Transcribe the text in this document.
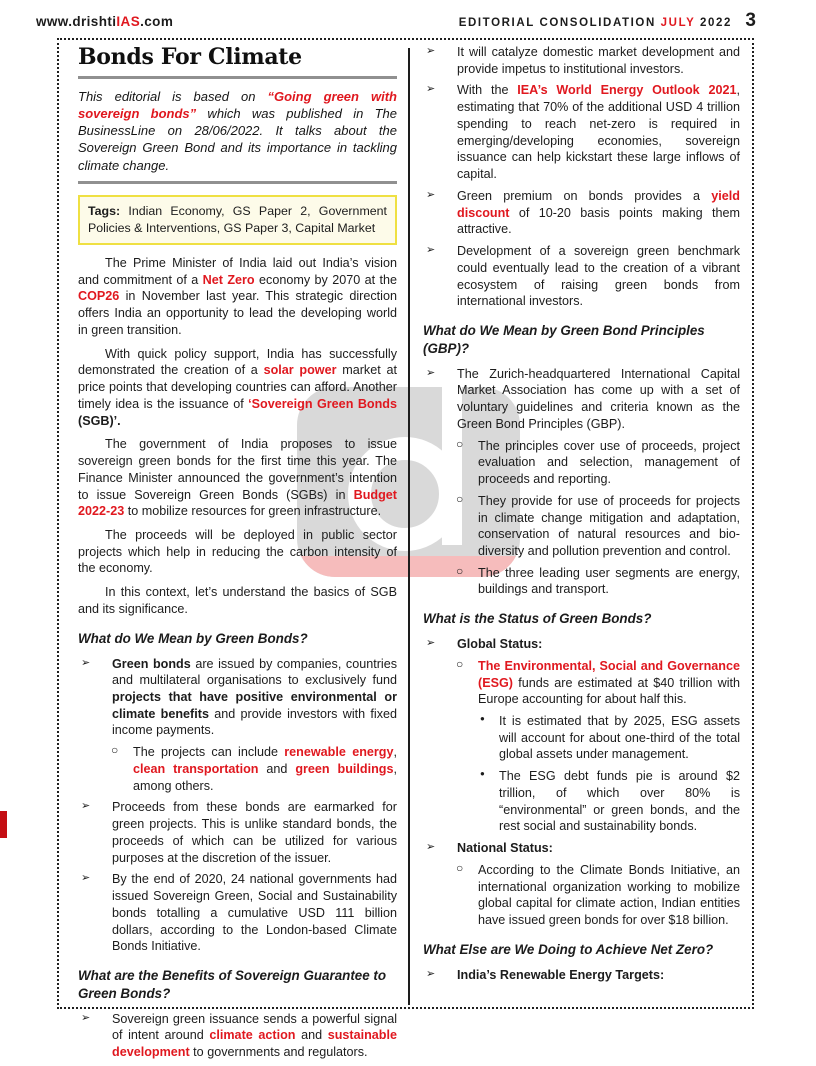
www.drishtiIAS.com	EDITORIAL CONSOLIDATION JULY 2022 3
Bonds For Climate
This editorial is based on “Going green with sovereign bonds” which was published in The BusinessLine on 28/06/2022. It talks about the Sovereign Green Bond and its importance in tackling climate change.
Tags: Indian Economy, GS Paper 2, Government Policies & Interventions, GS Paper 3, Capital Market
The Prime Minister of India laid out India’s vision and commitment of a Net Zero economy by 2070 at the COP26 in November last year. This strategic direction offers India an opportunity to lead the developing world in green transition.
With quick policy support, India has successfully demonstrated the creation of a solar power market at price points that developing countries can afford. Another timely idea is the issuance of ‘Sovereign Green Bonds (SGB)’.
The government of India proposes to issue sovereign green bonds for the first time this year. The Finance Minister announced the government’s intention to issue Sovereign Green Bonds (SGBs) in Budget 2022-23 to mobilize resources for green infrastructure.
The proceeds will be deployed in public sector projects which help in reducing the carbon intensity of the economy.
In this context, let’s understand the basics of SGB and its significance.
What do We Mean by Green Bonds?
➢ Green bonds are issued by companies, countries and multilateral organisations to exclusively fund projects that have positive environmental or climate benefits and provide investors with fixed income payments.
○ The projects can include renewable energy, clean transportation and green buildings, among others.
➢ Proceeds from these bonds are earmarked for green projects. This is unlike standard bonds, the proceeds of which can be utilized for various purposes at the discretion of the issuer.
➢ By the end of 2020, 24 national governments had issued Sovereign Green, Social and Sustainability bonds totalling a cumulative USD 111 billion dollars, according to the London-based Climate Bonds Initiative.
What are the Benefits of Sovereign Guarantee to Green Bonds?
➢ Sovereign green issuance sends a powerful signal of intent around climate action and sustainable development to governments and regulators.
➢ It will catalyze domestic market development and provide impetus to institutional investors.
➢ With the IEA’s World Energy Outlook 2021, estimating that 70% of the additional USD 4 trillion spending to reach net-zero is required in emerging/developing economies, sovereign issuance can help kickstart these large inflows of capital.
➢ Green premium on bonds provides a yield discount of 10-20 basis points making them attractive.
➢ Development of a sovereign green benchmark could eventually lead to the creation of a vibrant ecosystem of raising green bonds from international investors.
What do We Mean by Green Bond Principles (GBP)?
➢ The Zurich-headquartered International Capital Market Association has come up with a set of voluntary guidelines and criteria known as the Green Bond Principles (GBP).
○ The principles cover use of proceeds, project evaluation and selection, management of proceeds and reporting.
○ They provide for use of proceeds for projects in climate change mitigation and adaptation, conservation of natural resources and bio-diversity and pollution prevention and control.
○ The three leading user segments are energy, buildings and transport.
What is the Status of Green Bonds?
➢ Global Status:
○ The Environmental, Social and Governance (ESG) funds are estimated at $40 trillion with Europe accounting for about half this.
● It is estimated that by 2025, ESG assets will account for about one-third of the total global assets under management.
● The ESG debt funds pie is around $2 trillion, of which over 80% is “environmental” or green bonds, and the rest social and sustainability bonds.
➢ National Status:
○ According to the Climate Bonds Initiative, an international organization working to mobilize global capital for climate action, Indian entities have issued green bonds for over $18 billion.
What Else are We Doing to Achieve Net Zero?
➢ India’s Renewable Energy Targets:
